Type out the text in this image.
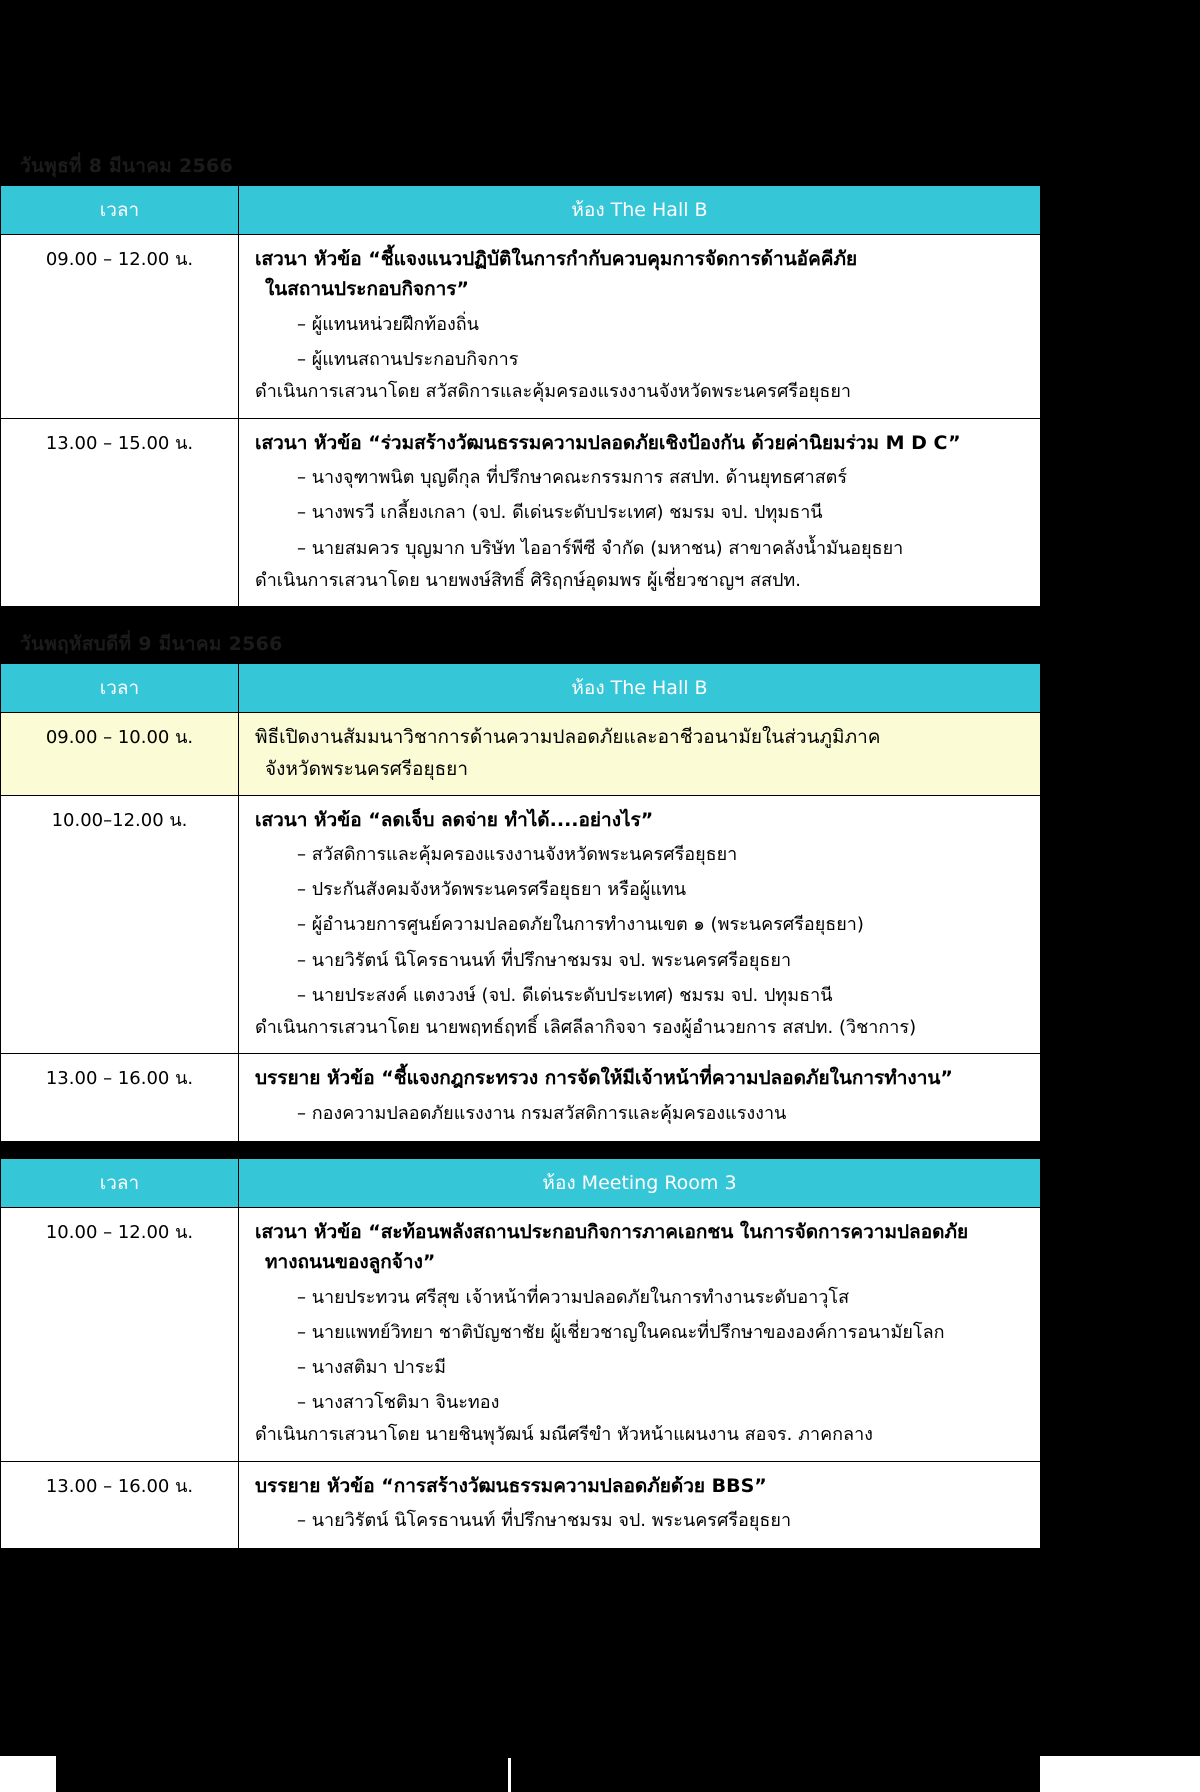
วันพุธที่ 8 มีนาคม 2566
เวลา	ห้อง The Hall B
09.00 – 12.00 น.	เสวนา หัวข้อ “ชี้แจงแนวปฏิบัติในการกำกับควบคุมการจัดการด้านอัคคีภัย
ในสถานประกอบกิจการ”
– ผู้แทนหน่วยฝึกท้องถิ่น
– ผู้แทนสถานประกอบกิจการ
ดำเนินการเสวนาโดย สวัสดิการและคุ้มครองแรงงานจังหวัดพระนครศรีอยุธยา

13.00 – 15.00 น.	เสวนา หัวข้อ “ร่วมสร้างวัฒนธรรมความปลอดภัยเชิงป้องกัน ด้วยค่านิยมร่วม M D C”
– นางจุฑาพนิต บุญดีกุล ที่ปรึกษาคณะกรรมการ สสปท. ด้านยุทธศาสตร์
– นางพรวี เกลี้ยงเกลา (จป. ดีเด่นระดับประเทศ) ชมรม จป. ปทุมธานี
– นายสมควร บุญมาก บริษัท ไออาร์พีซี จำกัด (มหาชน) สาขาคลังน้ำมันอยุธยา
ดำเนินการเสวนาโดย นายพงษ์สิทธิ์ ศิริฤกษ์อุดมพร ผู้เชี่ยวชาญฯ สสปท.
วันพฤหัสบดีที่ 9 มีนาคม 2566
เวลา	ห้อง The Hall B
09.00 – 10.00 น.	พิธีเปิดงานสัมมนาวิชาการด้านความปลอดภัยและอาชีวอนามัยในส่วนภูมิภาค
จังหวัดพระนครศรีอยุธยา

10.00–12.00 น.	เสวนา หัวข้อ “ลดเจ็บ ลดจ่าย ทำได้....อย่างไร”
– สวัสดิการและคุ้มครองแรงงานจังหวัดพระนครศรีอยุธยา
– ประกันสังคมจังหวัดพระนครศรีอยุธยา หรือผู้แทน
– ผู้อำนวยการศูนย์ความปลอดภัยในการทำงานเขต ๑ (พระนครศรีอยุธยา)
– นายวิรัตน์ นิโครธานนท์ ที่ปรึกษาชมรม จป. พระนครศรีอยุธยา
– นายประสงค์ แตงวงษ์ (จป. ดีเด่นระดับประเทศ) ชมรม จป. ปทุมธานี
ดำเนินการเสวนาโดย นายพฤทธ์ฤทธิ์ เลิศลีลากิจจา รองผู้อำนวยการ สสปท. (วิชาการ)

13.00 – 16.00 น.	บรรยาย หัวข้อ “ชี้แจงกฎกระทรวง การจัดให้มีเจ้าหน้าที่ความปลอดภัยในการทำงาน”
– กองความปลอดภัยแรงงาน กรมสวัสดิการและคุ้มครองแรงงาน
เวลา	ห้อง Meeting Room 3
10.00 – 12.00 น.	เสวนา หัวข้อ “สะท้อนพลังสถานประกอบกิจการภาคเอกชน ในการจัดการความปลอดภัย
ทางถนนของลูกจ้าง”
– นายประทวน ศรีสุข เจ้าหน้าที่ความปลอดภัยในการทำงานระดับอาวุโส
– นายแพทย์วิทยา ชาติบัญชาชัย ผู้เชี่ยวชาญในคณะที่ปรึกษาขององค์การอนามัยโลก
– นางสติมา ปาระมี
– นางสาวโชติมา จินะทอง
ดำเนินการเสวนาโดย นายชินพุวัฒน์ มณีศรีขำ หัวหน้าแผนงาน สอจร. ภาคกลาง

13.00 – 16.00 น.	บรรยาย หัวข้อ “การสร้างวัฒนธรรมความปลอดภัยด้วย BBS”
– นายวิรัตน์ นิโครธานนท์ ที่ปรึกษาชมรม จป. พระนครศรีอยุธยา
